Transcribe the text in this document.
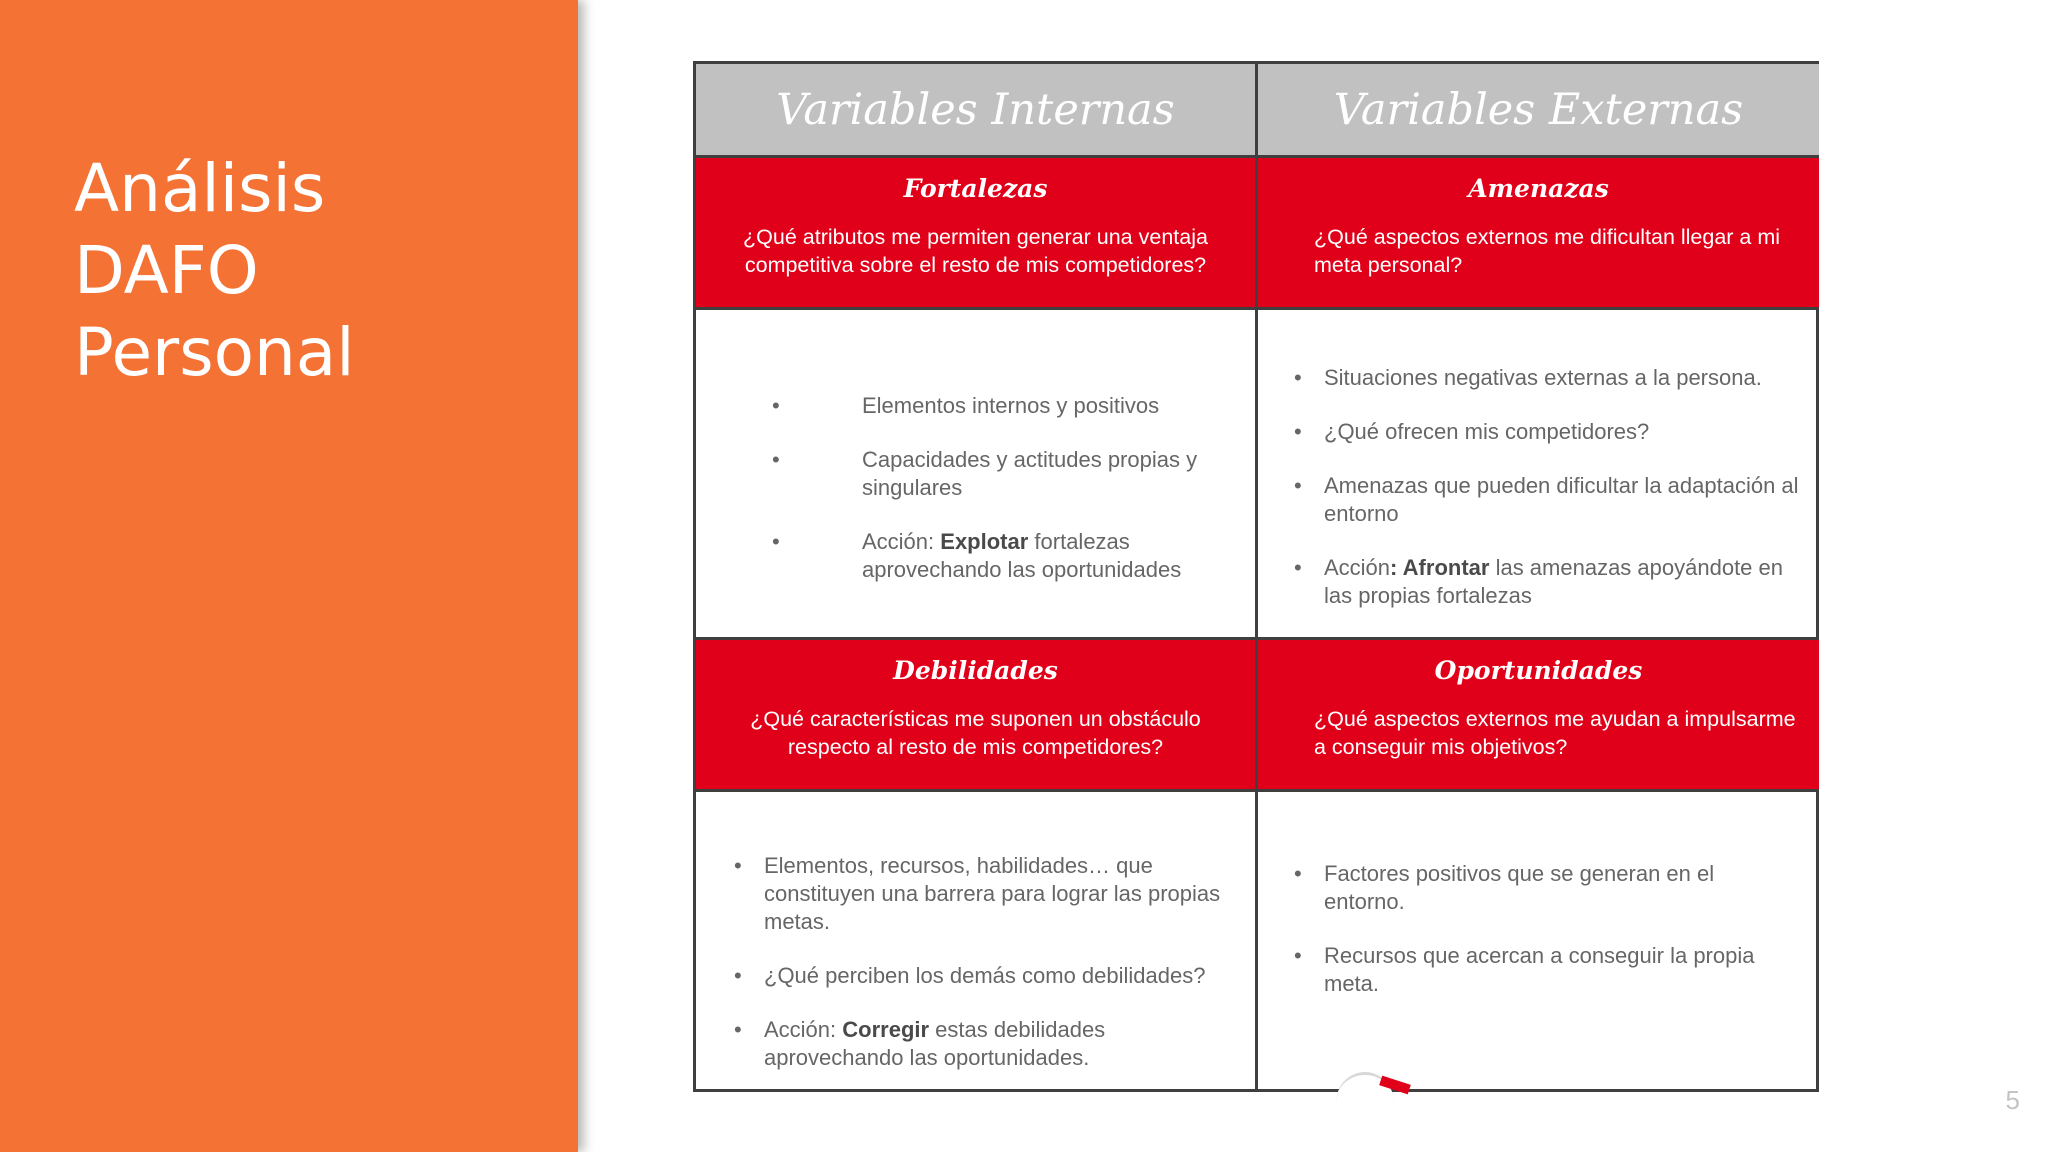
Análisis
DAFO
Personal
Variables Internas	Variables Externas

Fortalezas

¿Qué atributos me permiten generar una ventaja competitiva sobre el resto de mis competidores?

Amenazas

¿Qué aspectos externos me dificultan llegar a mi meta personal?

• Elementos internos y positivos
• Capacidades y actitudes propias y singulares
• Acción: Explotar fortalezas aprovechando las oportunidades
• Situaciones negativas externas a la persona.
• ¿Qué ofrecen mis competidores?
• Amenazas que pueden dificultar la adaptación al entorno
• Acción: Afrontar las amenazas apoyándote en las propias fortalezas

Debilidades

¿Qué características me suponen un obstáculo respecto al resto de mis competidores?

Oportunidades

¿Qué aspectos externos me ayudan a impulsarme a conseguir mis objetivos?

• Elementos, recursos, habilidades… que constituyen una barrera para lograr las propias metas.
• ¿Qué perciben los demás como debilidades?
• Acción: Corregir estas debilidades aprovechando las oportunidades.
• Factores positivos que se generan en el entorno.
• Recursos que acercan a conseguir la propia meta.
5
